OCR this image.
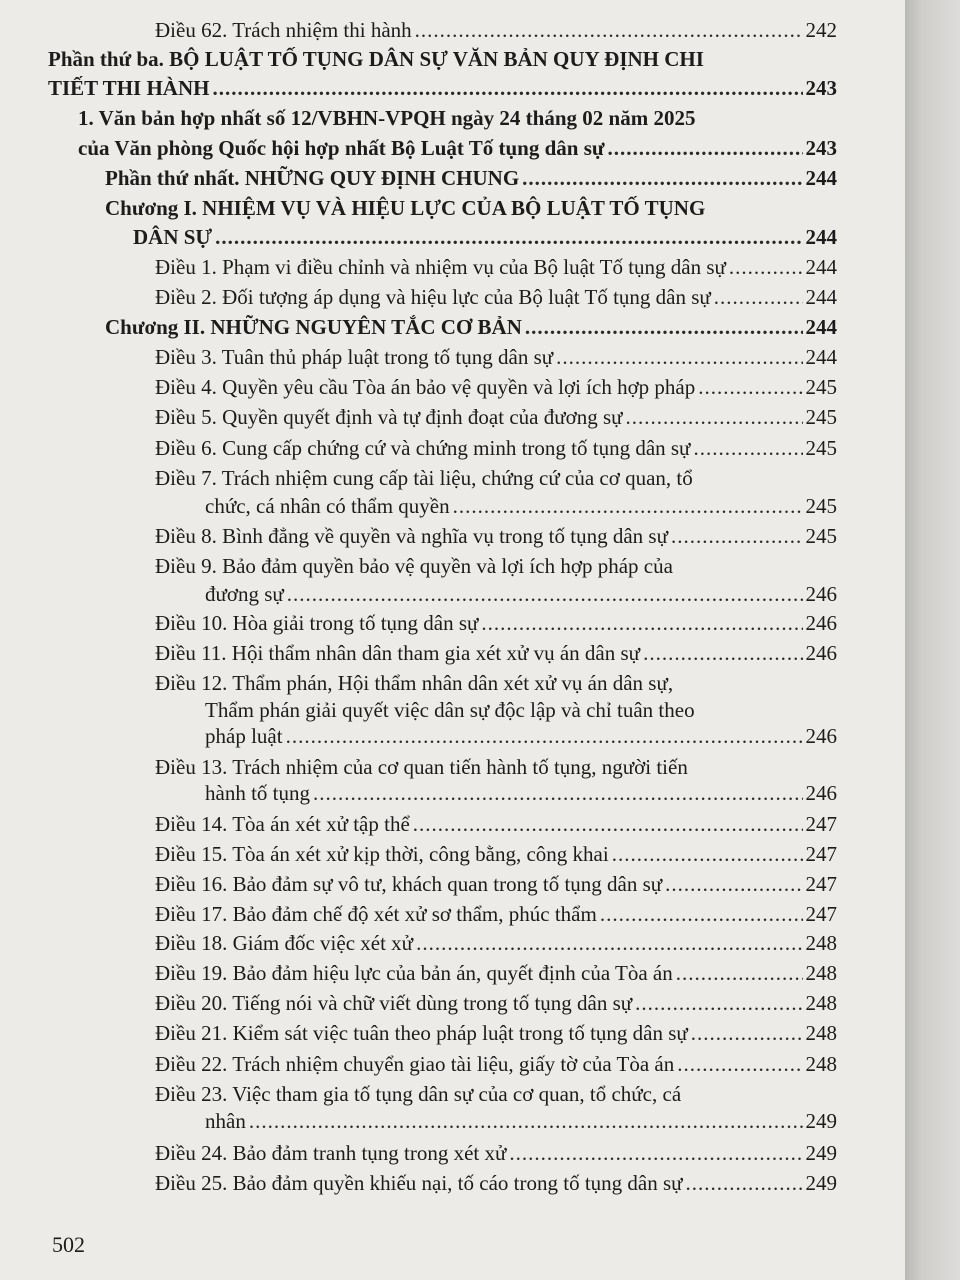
Điều 62. Trách nhiệm thi hành .....	242
Phần thứ ba. BỘ LUẬT TỐ TỤNG DÂN SỰ VĂN BẢN QUY ĐỊNH CHI
TIẾT THI HÀNH .....	243
1. Văn bản hợp nhất số 12/VBHN-VPQH ngày 24 tháng 02 năm 2025
của Văn phòng Quốc hội hợp nhất Bộ Luật Tố tụng dân sự .....	243
Phần thứ nhất. NHỮNG QUY ĐỊNH CHUNG .....	244
Chương I. NHIỆM VỤ VÀ HIỆU LỰC CỦA BỘ LUẬT TỐ TỤNG
DÂN SỰ .....	244
Điều 1. Phạm vi điều chỉnh và nhiệm vụ của Bộ luật Tố tụng dân sự .....	244
Điều 2. Đối tượng áp dụng và hiệu lực của Bộ luật Tố tụng dân sự .....	244
Chương II. NHỮNG NGUYÊN TẮC CƠ BẢN .....	244
Điều 3. Tuân thủ pháp luật trong tố tụng dân sự .....	244
Điều 4. Quyền yêu cầu Tòa án bảo vệ quyền và lợi ích hợp pháp .....	245
Điều 5. Quyền quyết định và tự định đoạt của đương sự .....	245
Điều 6. Cung cấp chứng cứ và chứng minh trong tố tụng dân sự .....	245
Điều 7. Trách nhiệm cung cấp tài liệu, chứng cứ của cơ quan, tổ
chức, cá nhân có thẩm quyền .....	245
Điều 8. Bình đẳng về quyền và nghĩa vụ trong tố tụng dân sự .....	245
Điều 9. Bảo đảm quyền bảo vệ quyền và lợi ích hợp pháp của
đương sự .....	246
Điều 10. Hòa giải trong tố tụng dân sự .....	246
Điều 11. Hội thẩm nhân dân tham gia xét xử vụ án dân sự .....	246
Điều 12. Thẩm phán, Hội thẩm nhân dân xét xử vụ án dân sự,
Thẩm phán giải quyết việc dân sự độc lập và chỉ tuân theo
pháp luật .....	246
Điều 13. Trách nhiệm của cơ quan tiến hành tố tụng, người tiến
hành tố tụng .....	246
Điều 14. Tòa án xét xử tập thể .....	247
Điều 15. Tòa án xét xử kịp thời, công bằng, công khai .....	247
Điều 16. Bảo đảm sự vô tư, khách quan trong tố tụng dân sự .....	247
Điều 17. Bảo đảm chế độ xét xử sơ thẩm, phúc thẩm .....	247
Điều 18. Giám đốc việc xét xử .....	248
Điều 19. Bảo đảm hiệu lực của bản án, quyết định của Tòa án .....	248
Điều 20. Tiếng nói và chữ viết dùng trong tố tụng dân sự .....	248
Điều 21. Kiểm sát việc tuân theo pháp luật trong tố tụng dân sự .....	248
Điều 22. Trách nhiệm chuyển giao tài liệu, giấy tờ của Tòa án .....	248
Điều 23. Việc tham gia tố tụng dân sự của cơ quan, tổ chức, cá
nhân .....	249
Điều 24. Bảo đảm tranh tụng trong xét xử .....	249
Điều 25. Bảo đảm quyền khiếu nại, tố cáo trong tố tụng dân sự .....	249
502
